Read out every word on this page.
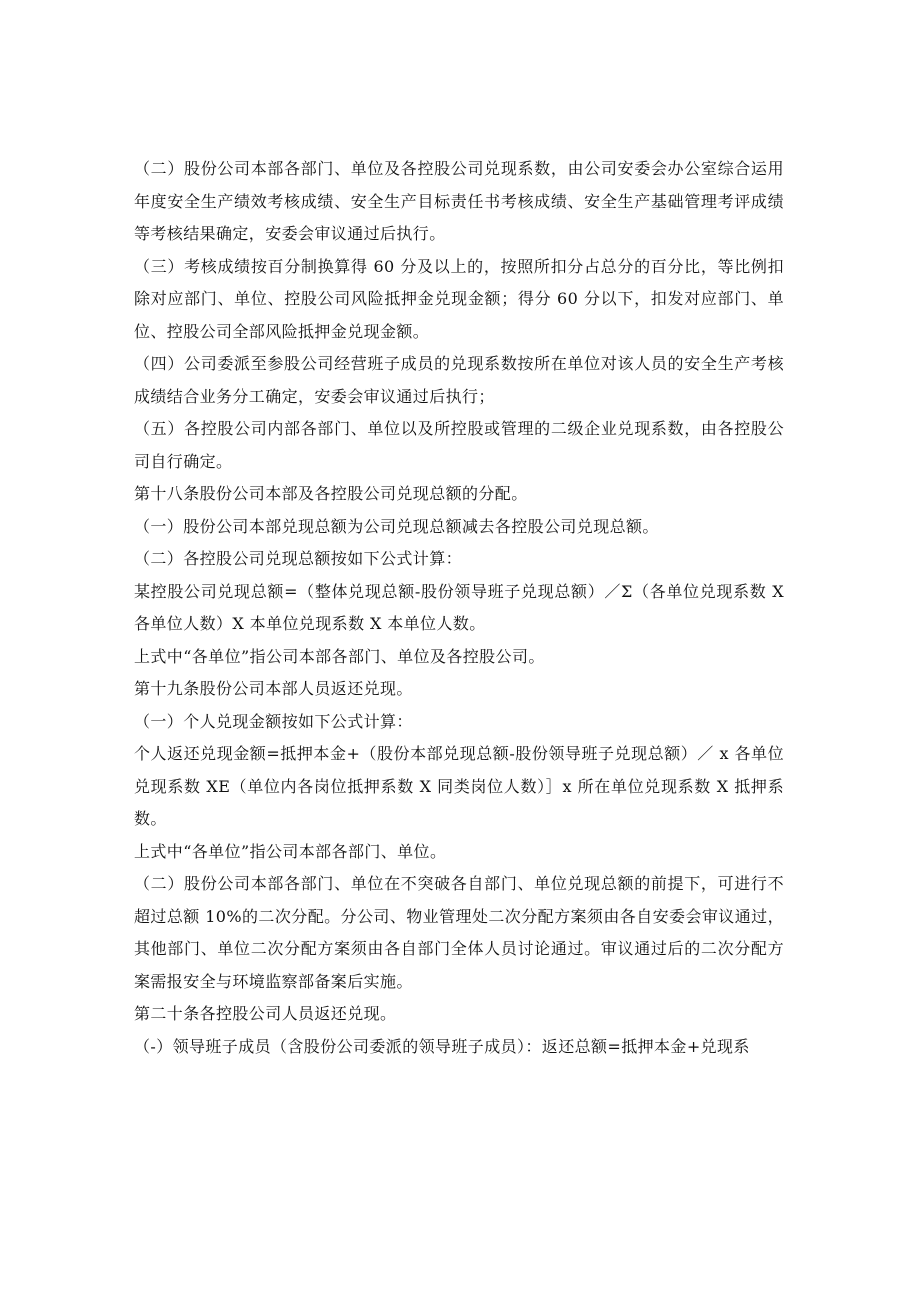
（二）股份公司本部各部门、单位及各控股公司兑现系数，由公司安委会办公室综合运用年度安全生产绩效考核成绩、安全生产目标责任书考核成绩、安全生产基础管理考评成绩等考核结果确定，安委会审议通过后执行。

（三）考核成绩按百分制换算得 60 分及以上的，按照所扣分占总分的百分比，等比例扣除对应部门、单位、控股公司风险抵押金兑现金额；得分 60 分以下，扣发对应部门、单位、控股公司全部风险抵押金兑现金额。

（四）公司委派至参股公司经营班子成员的兑现系数按所在单位对该人员的安全生产考核成绩结合业务分工确定，安委会审议通过后执行；

（五）各控股公司内部各部门、单位以及所控股或管理的二级企业兑现系数，由各控股公司自行确定。

第十八条股份公司本部及各控股公司兑现总额的分配。

（一）股份公司本部兑现总额为公司兑现总额减去各控股公司兑现总额。

（二）各控股公司兑现总额按如下公式计算：

某控股公司兑现总额=（整体兑现总额-股份领导班子兑现总额）／Σ（各单位兑现系数 X 各单位人数）X 本单位兑现系数 X 本单位人数。

上式中“各单位”指公司本部各部门、单位及各控股公司。

第十九条股份公司本部人员返还兑现。

（一）个人兑现金额按如下公式计算：

个人返还兑现金额=抵押本金+（股份本部兑现总额-股份领导班子兑现总额）／ x 各单位兑现系数 XE（单位内各岗位抵押系数 X 同类岗位人数）］x 所在单位兑现系数 X 抵押系数。

上式中“各单位”指公司本部各部门、单位。

（二）股份公司本部各部门、单位在不突破各自部门、单位兑现总额的前提下，可进行不超过总额 10%的二次分配。分公司、物业管理处二次分配方案须由各自安委会审议通过，其他部门、单位二次分配方案须由各自部门全体人员讨论通过。审议通过后的二次分配方案需报安全与环境监察部备案后实施。

第二十条各控股公司人员返还兑现。

（-）领导班子成员（含股份公司委派的领导班子成员）：返还总额=抵押本金+兑现系
